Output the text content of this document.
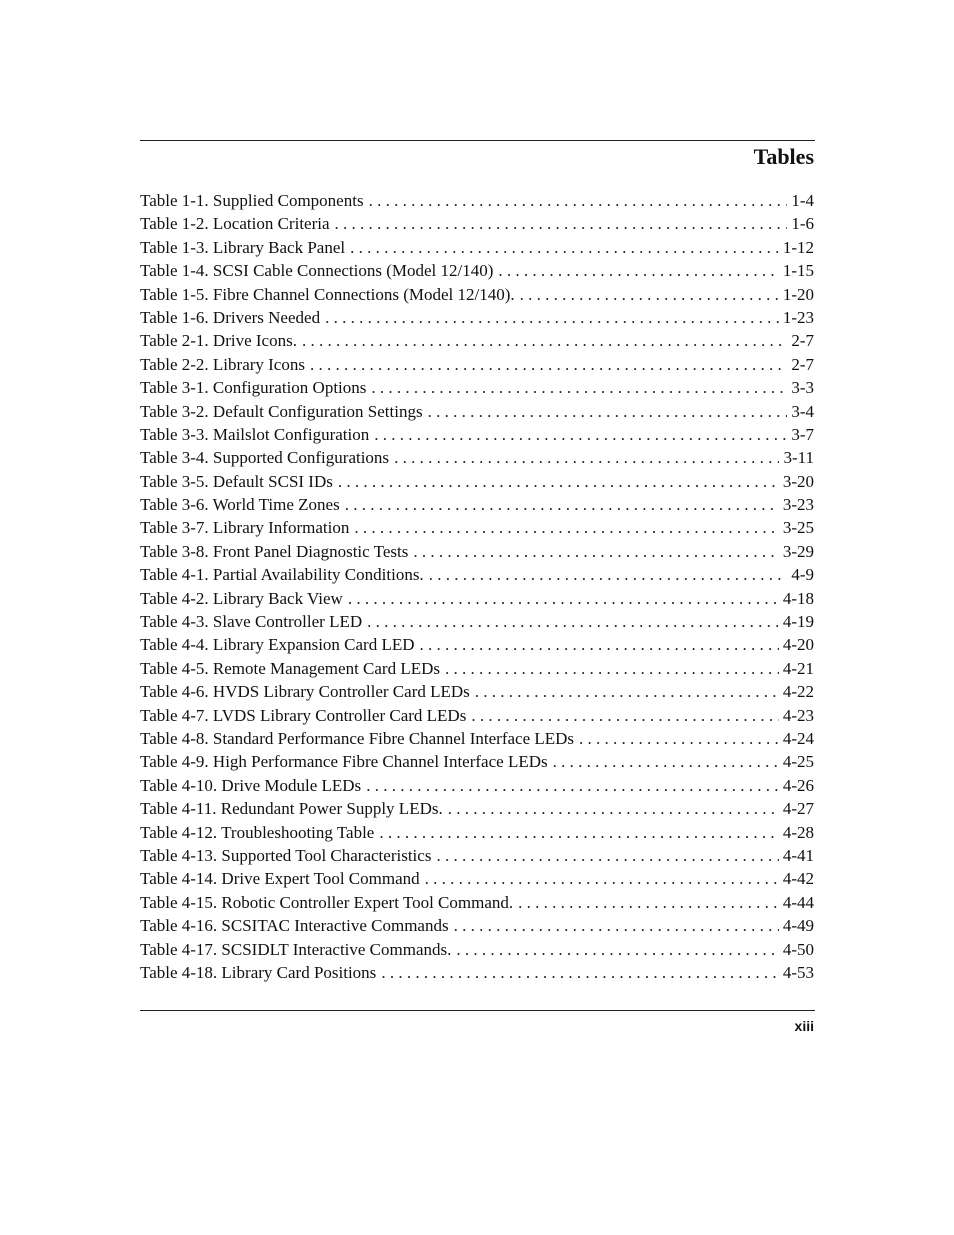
Tables
Table 1-1. Supplied Components . . .	1-4
Table 1-2. Location Criteria . . .	1-6
Table 1-3. Library Back Panel . . .	1-12
Table 1-4. SCSI Cable Connections (Model 12/140) . . .	1-15
Table 1-5. Fibre Channel Connections (Model 12/140). . . .	1-20
Table 1-6. Drivers Needed . . .	1-23
Table 2-1. Drive Icons. . . .	2-7
Table 2-2. Library Icons . . .	2-7
Table 3-1. Configuration Options . . .	3-3
Table 3-2. Default Configuration Settings . . .	3-4
Table 3-3. Mailslot Configuration . . .	3-7
Table 3-4. Supported Configurations . . .	3-11
Table 3-5. Default SCSI IDs . . .	3-20
Table 3-6. World Time Zones . . .	3-23
Table 3-7. Library Information . . .	3-25
Table 3-8. Front Panel Diagnostic Tests . . .	3-29
Table 4-1. Partial Availability Conditions. . . .	4-9
Table 4-2. Library Back View . . .	4-18
Table 4-3. Slave Controller LED . . .	4-19
Table 4-4. Library Expansion Card LED . . .	4-20
Table 4-5. Remote Management Card LEDs . . .	4-21
Table 4-6. HVDS Library Controller Card LEDs . . .	4-22
Table 4-7. LVDS Library Controller Card LEDs . . .	4-23
Table 4-8. Standard Performance Fibre Channel Interface LEDs . . .	4-24
Table 4-9. High Performance Fibre Channel Interface LEDs . . .	4-25
Table 4-10. Drive Module LEDs . . .	4-26
Table 4-11. Redundant Power Supply LEDs. . . .	4-27
Table 4-12. Troubleshooting Table . . .	4-28
Table 4-13. Supported Tool Characteristics . . .	4-41
Table 4-14. Drive Expert Tool Command . . .	4-42
Table 4-15. Robotic Controller Expert Tool Command. . . .	4-44
Table 4-16. SCSITAC Interactive Commands . . .	4-49
Table 4-17. SCSIDLT Interactive Commands. . . .	4-50
Table 4-18. Library Card Positions . . .	4-53
xiii
